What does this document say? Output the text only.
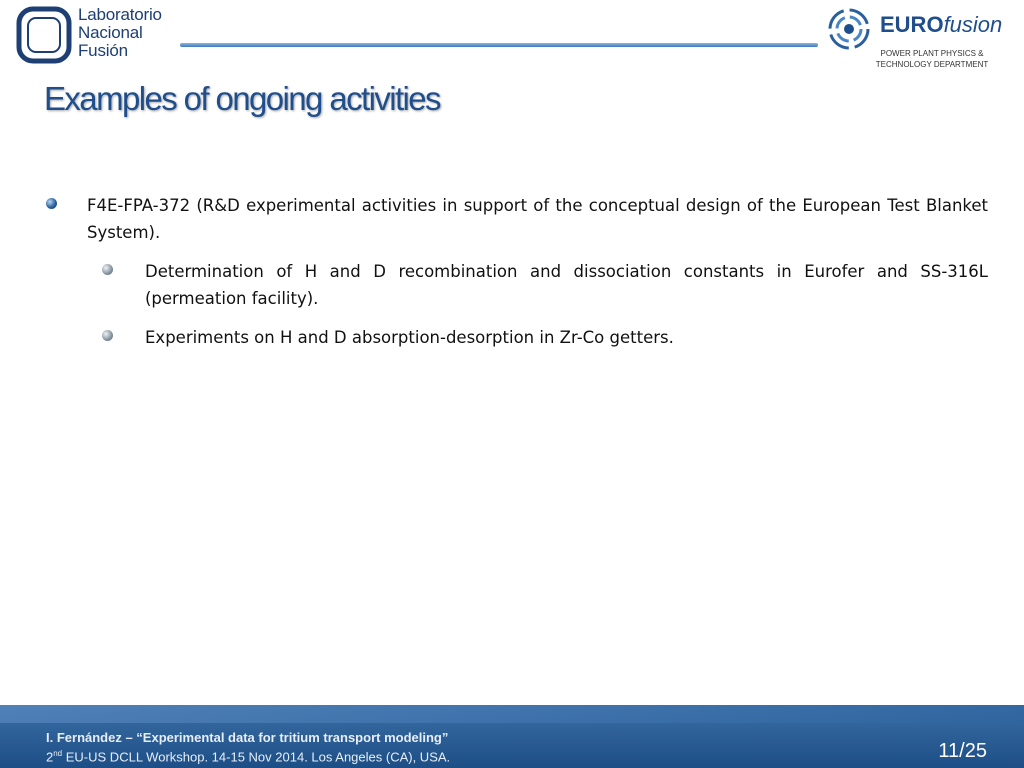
Laboratorio
Nacional
Fusión
EUROfusion
POWER PLANT PHYSICS &
TECHNOLOGY DEPARTMENT
Examples of ongoing activities
F4E-FPA-372 (R&D experimental activities in support of the conceptual design of the European Test Blanket System).
Determination of H and D recombination and dissociation constants in Eurofer and SS-316L (permeation facility).
Experiments on H and D absorption-desorption in Zr-Co getters.
I. Fernández – “Experimental data for tritium transport modeling”
2nd EU-US DCLL Workshop. 14-15 Nov 2014. Los Angeles (CA), USA.	11/25
